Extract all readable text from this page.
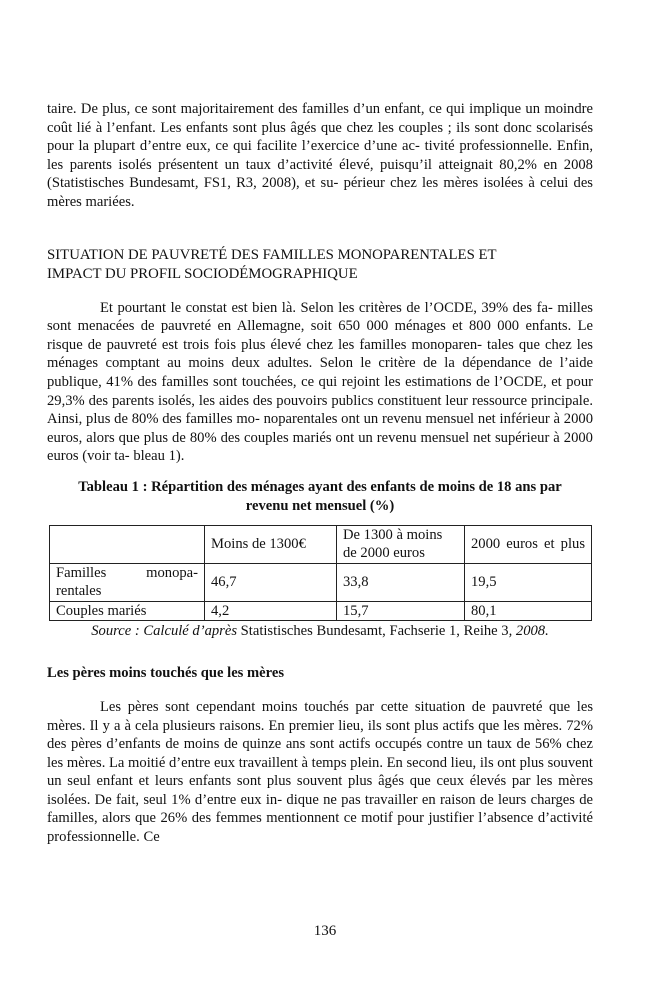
taire. De plus, ce sont majoritairement des familles d’un enfant, ce qui implique un moindre coût lié à l’enfant. Les enfants sont plus âgés que chez les couples ; ils sont donc scolarisés pour la plupart d’entre eux, ce qui facilite l’exercice d’une ac- tivité professionnelle. Enfin, les parents isolés présentent un taux d’activité élevé, puisqu’il atteignait 80,2% en 2008 (Statistisches Bundesamt, FS1, R3, 2008), et su- périeur chez les mères isolées à celui des mères mariées.

SITUATION DE PAUVRETÉ DES FAMILLES MONOPARENTALES ET
IMPACT DU PROFIL SOCIODÉMOGRAPHIQUE

Et pourtant le constat est bien là. Selon les critères de l’OCDE, 39% des fa- milles sont menacées de pauvreté en Allemagne, soit 650 000 ménages et 800 000 enfants. Le risque de pauvreté est trois fois plus élevé chez les familles monoparen- tales que chez les ménages comptant au moins deux adultes. Selon le critère de la dépendance de l’aide publique, 41% des familles sont touchées, ce qui rejoint les estimations de l’OCDE, et pour 29,3% des parents isolés, les aides des pouvoirs publics constituent leur ressource principale. Ainsi, plus de 80% des familles mo- noparentales ont un revenu mensuel net inférieur à 2000 euros, alors que plus de 80% des couples mariés ont un revenu mensuel net supérieur à 2000 euros (voir ta- bleau 1).

Tableau 1 : Répartition des ménages ayant des enfants de moins de 18 ans par
revenu net mensuel (%)

	Moins de 1300€	De 1300 à moins de 2000 euros	2000 euros et plus
Familles monopa-

rentales	46,7	33,8	19,5
Couples mariés	4,2	15,7	80,1

Source : Calculé d’après Statistisches Bundesamt, Fachserie 1, Reihe 3, 2008.

Les pères moins touchés que les mères

Les pères sont cependant moins touchés par cette situation de pauvreté que les mères. Il y a à cela plusieurs raisons. En premier lieu, ils sont plus actifs que les mères. 72% des pères d’enfants de moins de quinze ans sont actifs occupés contre un taux de 56% chez les mères. La moitié d’entre eux travaillent à temps plein. En second lieu, ils ont plus souvent un seul enfant et leurs enfants sont plus souvent plus âgés que ceux élevés par les mères isolées. De fait, seul 1% d’entre eux in- dique ne pas travailler en raison de leurs charges de familles, alors que 26% des femmes mentionnent ce motif pour justifier l’absence d’activité professionnelle. Ce

136
